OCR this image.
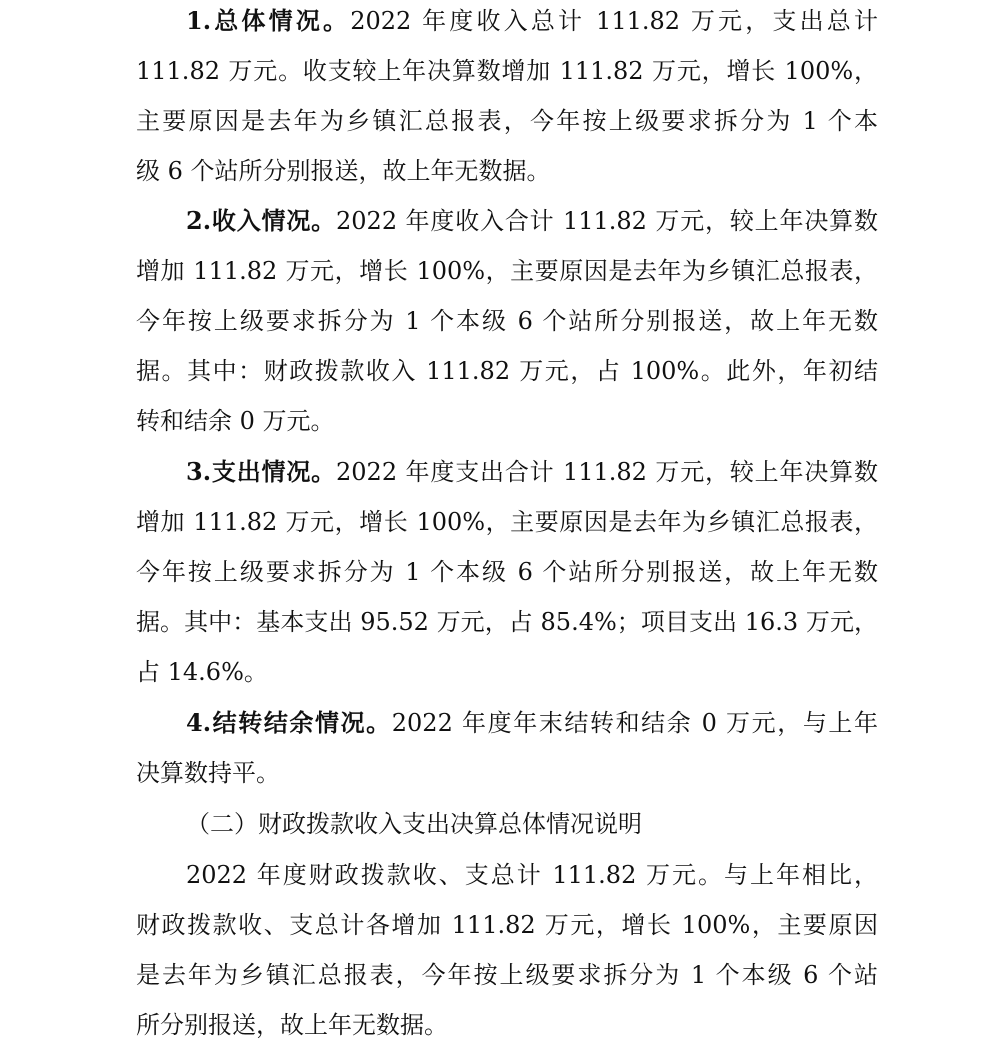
1.总体情况。2022 年度收入总计 111.82 万元，支出总计
111.82 万元。收支较上年决算数增加 111.82 万元，增长 100%，
主要原因是去年为乡镇汇总报表，今年按上级要求拆分为 1 个本
级 6 个站所分别报送，故上年无数据。
2.收入情况。2022 年度收入合计 111.82 万元，较上年决算数
增加 111.82 万元，增长 100%，主要原因是去年为乡镇汇总报表，
今年按上级要求拆分为 1 个本级 6 个站所分别报送，故上年无数
据。其中：财政拨款收入 111.82 万元，占 100%。此外，年初结
转和结余 0 万元。
3.支出情况。2022 年度支出合计 111.82 万元，较上年决算数
增加 111.82 万元，增长 100%，主要原因是去年为乡镇汇总报表，
今年按上级要求拆分为 1 个本级 6 个站所分别报送，故上年无数
据。其中：基本支出 95.52 万元，占 85.4%；项目支出 16.3 万元，
占 14.6%。
4.结转结余情况。2022 年度年末结转和结余 0 万元，与上年
决算数持平。
（二）财政拨款收入支出决算总体情况说明
2022 年度财政拨款收、支总计 111.82 万元。与上年相比，
财政拨款收、支总计各增加 111.82 万元，增长 100%，主要原因
是去年为乡镇汇总报表，今年按上级要求拆分为 1 个本级 6 个站
所分别报送，故上年无数据。
